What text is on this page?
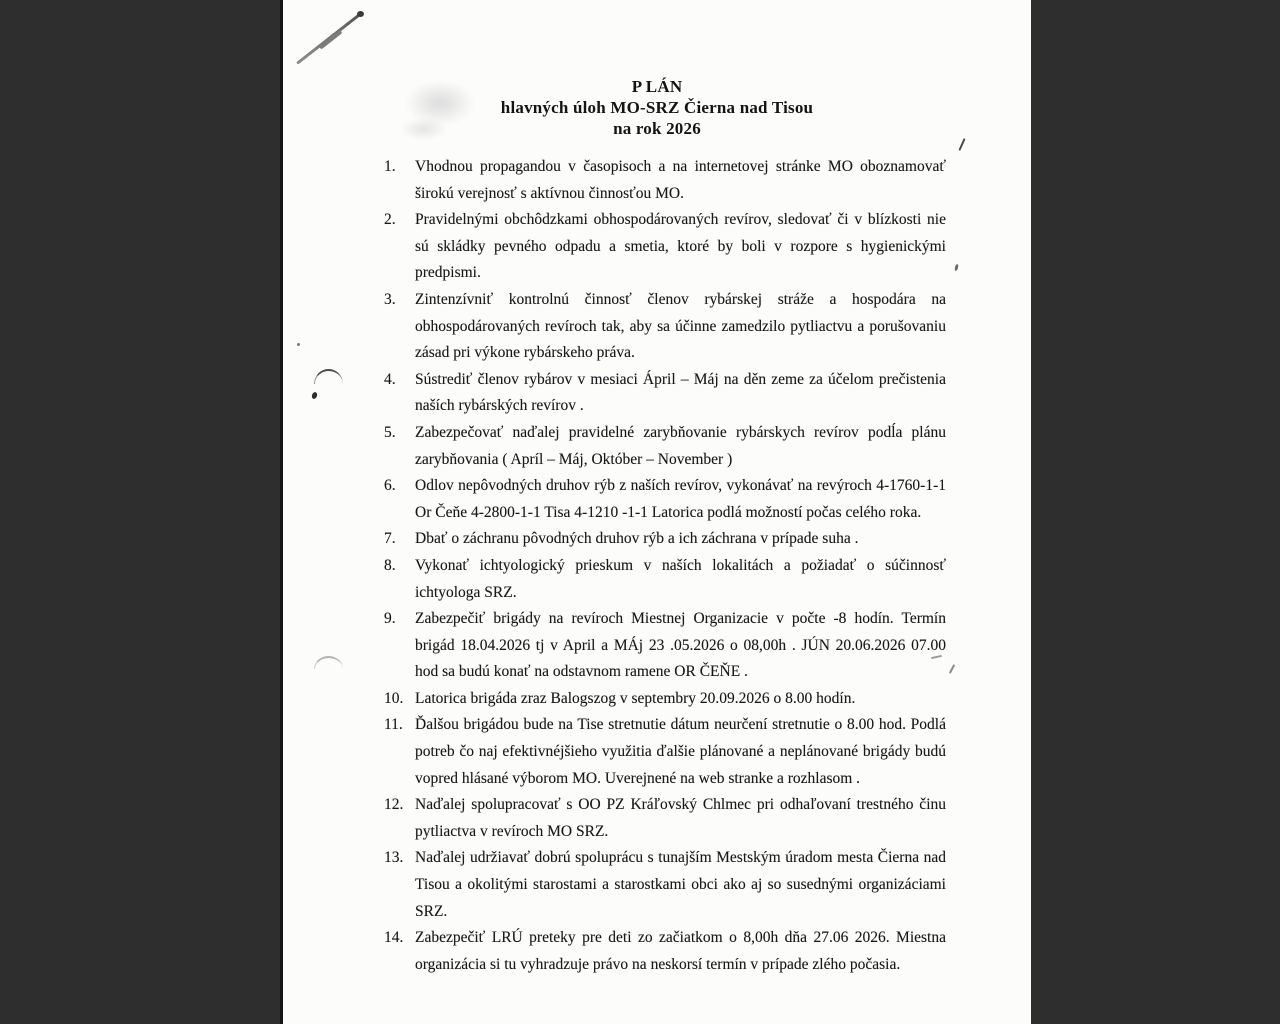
P LÁN
hlavných úloh MO-SRZ Čierna nad Tisou
na rok 2026
1.	Vhodnou propagandou v časopisoch a na internetovej stránke MO oboznamovať širokú verejnosť s aktívnou činnosťou MO.
2.	Pravidelnými obchôdzkami obhospodárovaných revírov, sledovať či v blízkosti nie sú skládky pevného odpadu a smetia, ktoré by boli v rozpore s hygienickými predpismi.
3.	Zintenzívniť kontrolnú činnosť členov rybárskej stráže a hospodára na obhospodárovaných revíroch tak, aby sa účinne zamedzilo pytliactvu a porušovaniu zásad pri výkone rybárskeho práva.
4.	Sústrediť členov rybárov v mesiaci Ápril – Máj na děn zeme za účelom prečistenia naších rybárských revírov .
5.	Zabezpečovať naďalej pravidelné zarybňovanie rybárskych revírov podĺa plánu zarybňovania ( Apríl – Máj, Október – November )
6.	Odlov nepôvodných druhov rýb z naších revírov, vykonávať na revýroch 4-1760-1-1 Or Čeňe 4-2800-1-1 Tisa 4-1210 -1-1 Latorica podlá možností počas celého roka.
7.	Dbať o záchranu pôvodných druhov rýb a ich záchrana v prípade suha .
8.	Vykonať ichtyologický prieskum v naších lokalitách a požiadať o súčinnosť ichtyologa SRZ.
9.	Zabezpečiť brigády na revíroch Miestnej Organizacie v počte -8 hodín. Termín brigád 18.04.2026 tj v April a MÁj 23 .05.2026 o 08,00h . JÚN 20.06.2026 07.00 hod sa budú konať na odstavnom ramene OR ČEŇE .
10. Latorica brigáda zraz Balogszog v septembry 20.09.2026 o 8.00 hodín.
11. Ďalšou brigádou bude na Tise stretnutie dátum neurčení stretnutie o 8.00 hod. Podlá potreb čo naj efektivnéjšieho využitia ďalšie plánované a neplánované brigády budú vopred hlásané výborom MO. Uverejnené na web stranke a rozhlasom .
12. Naďalej spolupracovať s OO PZ Kráľovský Chlmec pri odhaľovaní trestného činu pytliactva v revíroch MO SRZ.
13. Naďalej udržiavať dobrú spoluprácu s tunajším Mestským úradom mesta Čierna nad Tisou a okolitými starostami a starostkami obci ako aj so susednými organizáciami SRZ.
14. Zabezpečiť LRÚ preteky pre deti zo začiatkom o 8,00h dňa 27.06 2026. Miestna organizácia si tu vyhradzuje právo na neskorsí termín v prípade zlého počasia.
